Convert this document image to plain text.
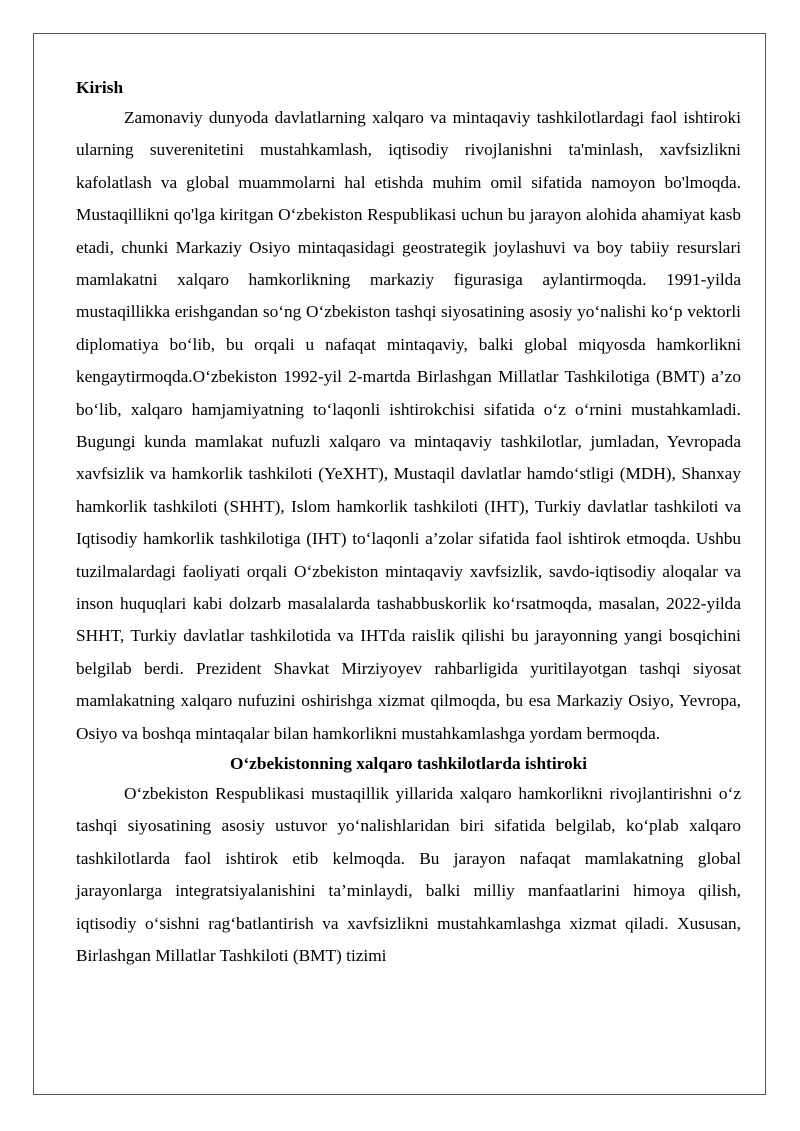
Kirish

Zamonaviy dunyoda davlatlarning xalqaro va mintaqaviy tashkilotlardagi faol ishtiroki ularning suverenitetini mustahkamlash, iqtisodiy rivojlanishni ta'minlash, xavfsizlikni kafolatlash va global muammolarni hal etishda muhim omil sifatida namoyon bo'lmoqda. Mustaqillikni qo'lga kiritgan O‘zbekiston Respublikasi uchun bu jarayon alohida ahamiyat kasb etadi, chunki Markaziy Osiyo mintaqasidagi geostrategik joylashuvi va boy tabiiy resurslari mamlakatni xalqaro hamkorlikning markaziy figurasiga aylantirmoqda. 1991-yilda mustaqillikka erishgandan so‘ng O‘zbekiston tashqi siyosatining asosiy yo‘nalishi ko‘p vektorli diplomatiya bo‘lib, bu orqali u nafaqat mintaqaviy, balki global miqyosda hamkorlikni kengaytirmoqda.O‘zbekiston 1992-yil 2-martda Birlashgan Millatlar Tashkilotiga (BMT) a’zo bo‘lib, xalqaro hamjamiyatning to‘laqonli ishtirokchisi sifatida o‘z o‘rnini mustahkamladi. Bugungi kunda mamlakat nufuzli xalqaro va mintaqaviy tashkilotlar, jumladan, Yevropada xavfsizlik va hamkorlik tashkiloti (YeXHT), Mustaqil davlatlar hamdo‘stligi (MDH), Shanxay hamkorlik tashkiloti (SHHT), Islom hamkorlik tashkiloti (IHT), Turkiy davlatlar tashkiloti va Iqtisodiy hamkorlik tashkilotiga (IHT) to‘laqonli a’zolar sifatida faol ishtirok etmoqda. Ushbu tuzilmalardagi faoliyati orqali O‘zbekiston mintaqaviy xavfsizlik, savdo-iqtisodiy aloqalar va inson huquqlari kabi dolzarb masalalarda tashabbuskorlik ko‘rsatmoqda, masalan, 2022-yilda SHHT, Turkiy davlatlar tashkilotida va IHTda raislik qilishi bu jarayonning yangi bosqichini belgilab berdi. Prezident Shavkat Mirziyoyev rahbarligida yuritilayotgan tashqi siyosat mamlakatning xalqaro nufuzini oshirishga xizmat qilmoqda, bu esa Markaziy Osiyo, Yevropa, Osiyo va boshqa mintaqalar bilan hamkorlikni mustahkamlashga yordam bermoqda.

O‘zbekistonning xalqaro tashkilotlarda ishtiroki

O‘zbekiston Respublikasi mustaqillik yillarida xalqaro hamkorlikni rivojlantirishni o‘z tashqi siyosatining asosiy ustuvor yo‘nalishlaridan biri sifatida belgilab, ko‘plab xalqaro tashkilotlarda faol ishtirok etib kelmoqda. Bu jarayon nafaqat mamlakatning global jarayonlarga integratsiyalanishini ta’minlaydi, balki milliy manfaatlarini himoya qilish, iqtisodiy o‘sishni rag‘batlantirish va xavfsizlikni mustahkamlashga xizmat qiladi. Xususan, Birlashgan Millatlar Tashkiloti (BMT) tizimi
